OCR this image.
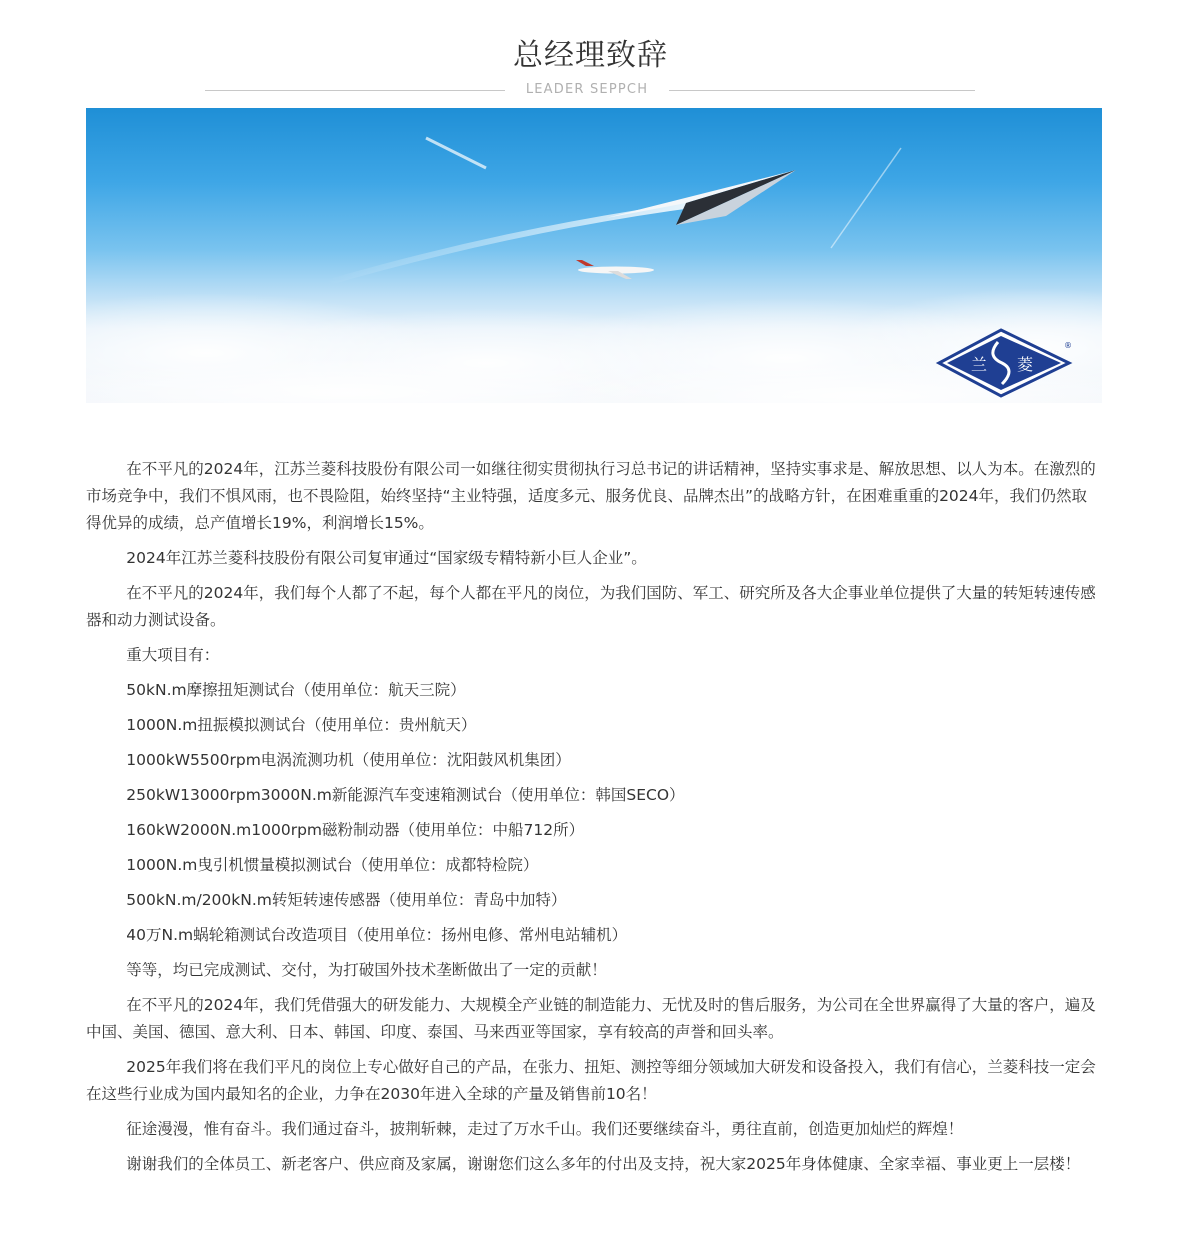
总经理致辞
LEADER SEPPCH
兰 菱
®

在不平凡的2024年，江苏兰菱科技股份有限公司一如继往彻实贯彻执行习总书记的讲话精神，坚持实事求是、解放思想、以人为本。在激烈的市场竞争中，我们不惧风雨，也不畏险阻，始终坚持“主业特强，适度多元、服务优良、品牌杰出”的战略方针，在困难重重的2024年，我们仍然取得优异的成绩，总产值增长19%，利润增长15%。

2024年江苏兰菱科技股份有限公司复审通过“国家级专精特新小巨人企业”。

在不平凡的2024年，我们每个人都了不起，每个人都在平凡的岗位，为我们国防、军工、研究所及各大企事业单位提供了大量的转矩转速传感器和动力测试设备。

重大项目有：

50kN.m摩擦扭矩测试台（使用单位：航天三院）

1000N.m扭振模拟测试台（使用单位：贵州航天）

1000kW5500rpm电涡流测功机（使用单位：沈阳鼓风机集团）

250kW13000rpm3000N.m新能源汽车变速箱测试台（使用单位：韩国SECO）

160kW2000N.m1000rpm磁粉制动器（使用单位：中船712所）

1000N.m曳引机惯量模拟测试台（使用单位：成都特检院）

500kN.m/200kN.m转矩转速传感器（使用单位：青岛中加特）

40万N.m蜗轮箱测试台改造项目（使用单位：扬州电修、常州电站辅机）

等等，均已完成测试、交付，为打破国外技术垄断做出了一定的贡献！

在不平凡的2024年，我们凭借强大的研发能力、大规模全产业链的制造能力、无忧及时的售后服务，为公司在全世界赢得了大量的客户，遍及中国、美国、德国、意大利、日本、韩国、印度、泰国、马来西亚等国家，享有较高的声誉和回头率。

2025年我们将在我们平凡的岗位上专心做好自己的产品，在张力、扭矩、测控等细分领域加大研发和设备投入，我们有信心，兰菱科技一定会在这些行业成为国内最知名的企业，力争在2030年进入全球的产量及销售前10名！

征途漫漫，惟有奋斗。我们通过奋斗，披荆斩棘，走过了万水千山。我们还要继续奋斗，勇往直前，创造更加灿烂的辉煌！

谢谢我们的全体员工、新老客户、供应商及家属，谢谢您们这么多年的付出及支持，祝大家2025年身体健康、全家幸福、事业更上一层楼！
